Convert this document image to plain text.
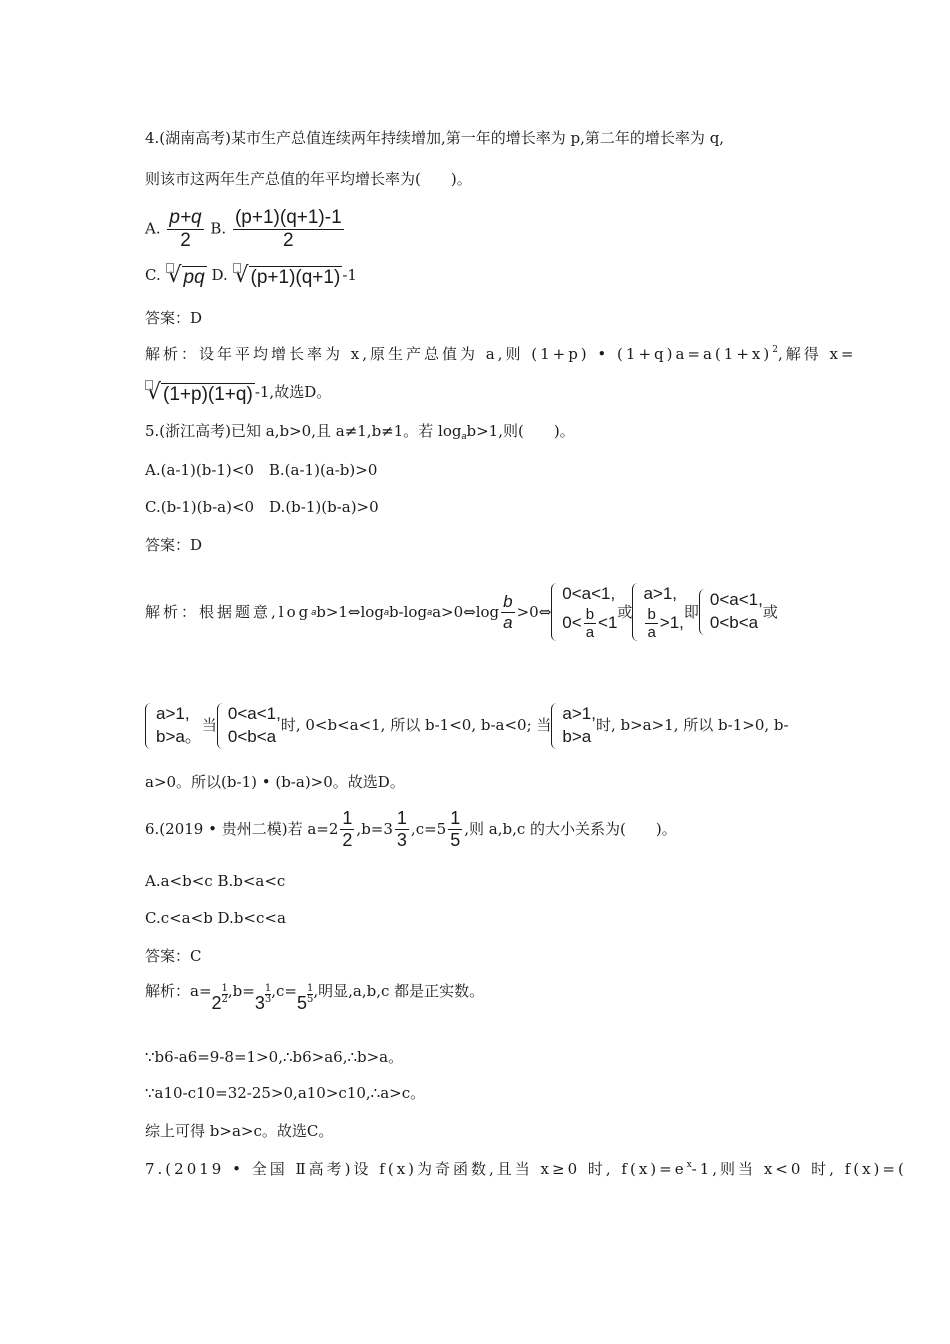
4.(湖南高考)某市生产总值连续两年持续增加,第一年的增长率为 p,第二年的增长率为 q,
则该市这两年生产总值的年平均增长率为(　　)。
A. $\frac{p+q}{2} B$. $\frac{(p+1)(q+1)-1}{2}$
C. √ pq D. √ (p+1)(q+1) -1
答案：D
解析：设年平均增长率为 x,原生产总值为 a,则 (1+p) • $(1+q)a=a(1+x)^2$,解得 x=
√ (1+p)(1+q) -1,故选D。
5.(浙江高考)已知 a,b>0,且 a≠1,b≠1。若 $\log_ab>1$,则(　　)。
A.(a-1)(b-1)<0　B.(a-1)(a-b)>0
C.(b-1)(b-a)<0　D.(b-1)(b-a)>0
答案：D
解析：根据题意,log a b>1⇔log a b-log a a>0⇔log $\frac{b}{a}$ >0⇔
0<a<1,
$0< \frac{b}{a} <1$
或
a>1,
$\frac{b}{a} >1$,
即
0<a<1,
0<b<a
或
a>1,
b>a。
当
0<a<1,
0<b<a
时, 0<b<a<1, 所以 b-1<0, b-a<0; 当
a>1,
b>a
时, b>a>1, 所以 b-1>0, b-
a>0。所以(b-1) • (b-a)>0。故选D。
6.(2019 • 贵州二模)若 $a=2 \frac{1}{2} ,b=3 \frac{1}{3} ,c=5 \frac{1}{5}$ ,则 a,b,c 的大小关系为(　　)。
A.a<b<c B.b<a<c
C.c<a<b D.b<c<a
答案：C
解析：a=
2
1
2 ,b=
3
1
3 ,c=
5
1
5 ,明显,a,b,c 都是正实数。
∵b6-a6=9-8=1>0,∴b6>a6,∴b>a。
∵a10-c10=32-25>0,a10>c10,∴a>c。
综上可得 b>a>c。故选C。
7.(2019 • 全国 Ⅱ高考)设 f(x)为奇函数,且当 x≥0 时, $f(x)=e^x-1$,则当 x<0 时, f(x)=(
